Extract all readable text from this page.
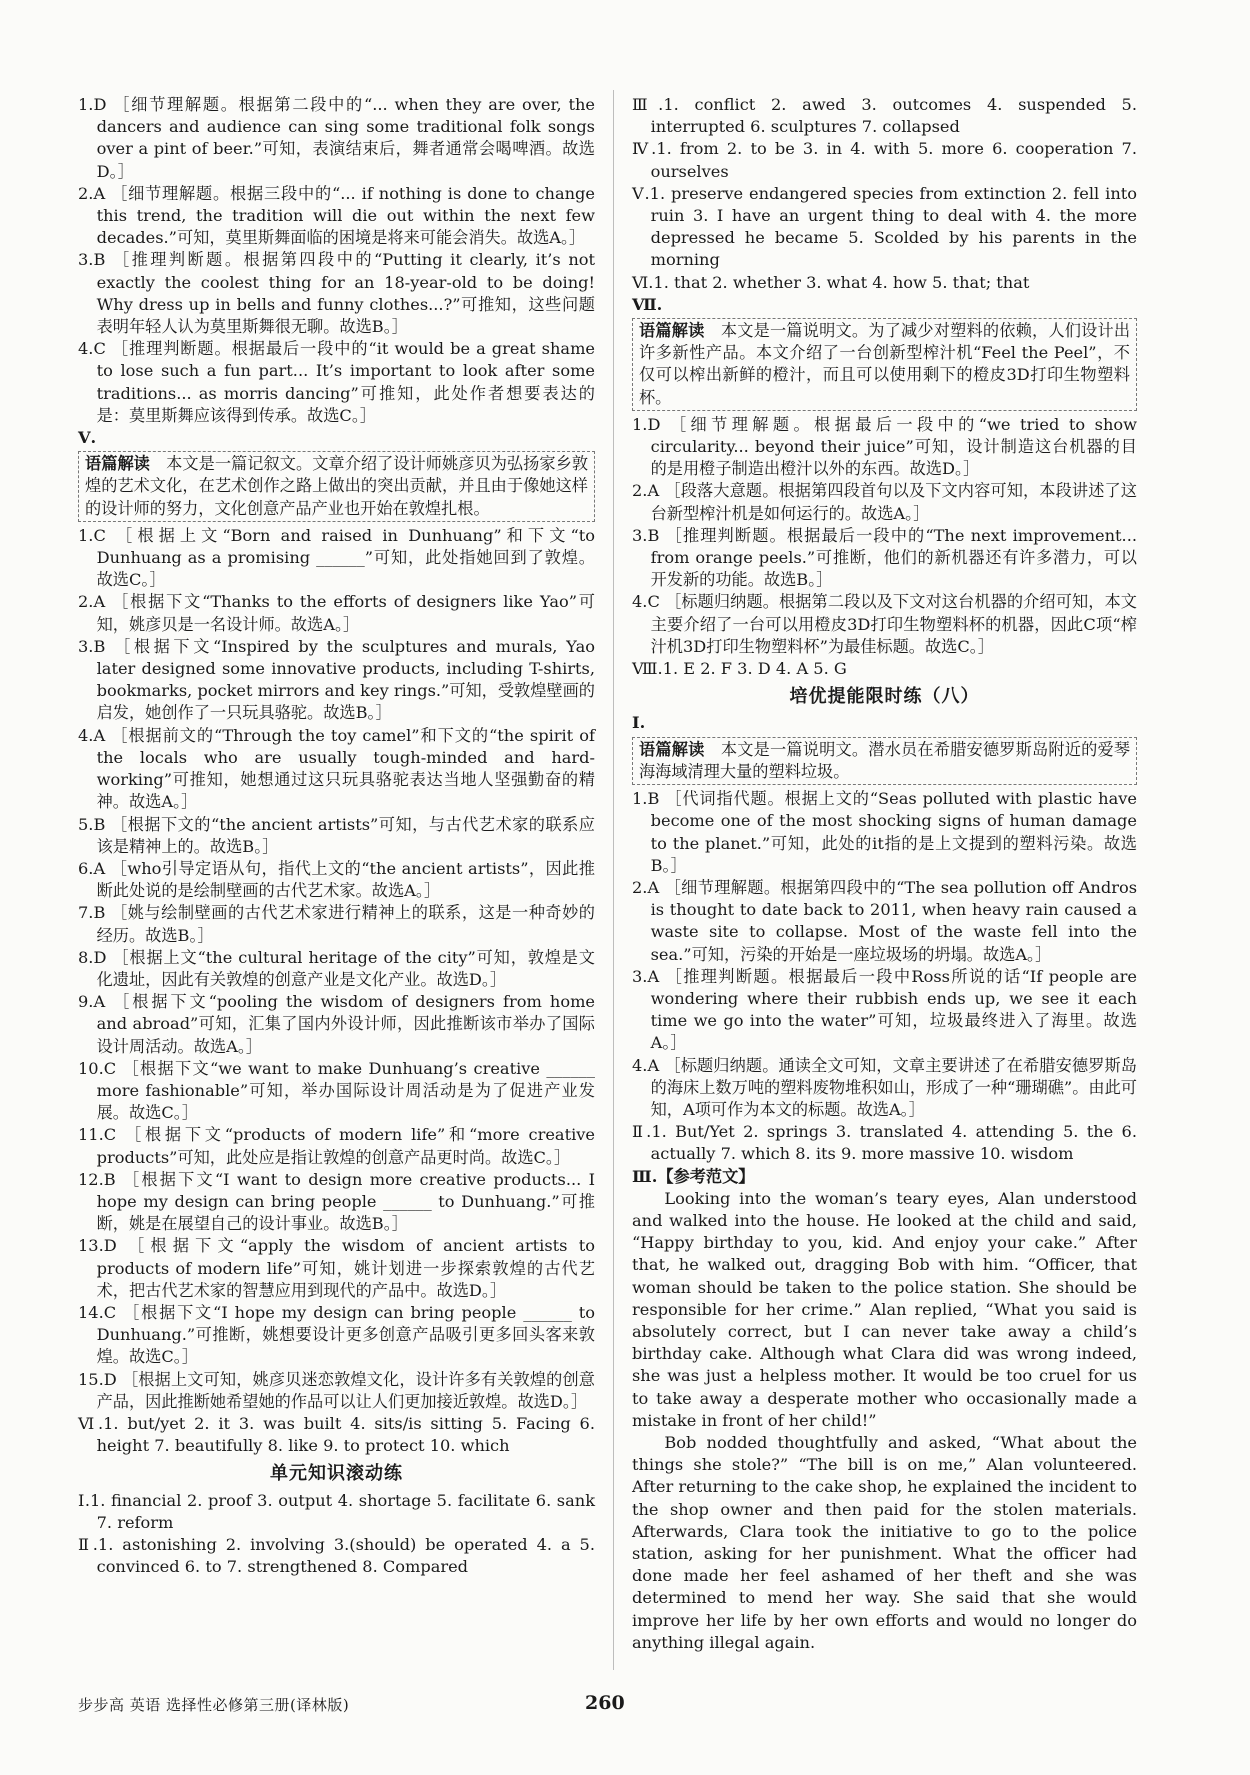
1.D ［细节理解题。根据第二段中的“... when they are over, the dancers and audience can sing some traditional folk songs over a pint of beer.”可知，表演结束后，舞者通常会喝啤酒。故选D。］

2.A ［细节理解题。根据三段中的“... if nothing is done to change this trend, the tradition will die out within the next few decades.”可知，莫里斯舞面临的困境是将来可能会消失。故选A。］

3.B ［推理判断题。根据第四段中的“Putting it clearly, it’s not exactly the coolest thing for an 18-year-old to be doing! Why dress up in bells and funny clothes...?”可推知，这些问题表明年轻人认为莫里斯舞很无聊。故选B。］

4.C ［推理判断题。根据最后一段中的“it would be a great shame to lose such a fun part... It’s important to look after some traditions... as morris dancing”可推知，此处作者想要表达的是：莫里斯舞应该得到传承。故选C。］

Ⅴ.

语篇解读　本文是一篇记叙文。文章介绍了设计师姚彦贝为弘扬家乡敦煌的艺术文化，在艺术创作之路上做出的突出贡献，并且由于像她这样的设计师的努力，文化创意产品产业也开始在敦煌扎根。

1.C ［根据上文“Born and raised in Dunhuang”和下文“to Dunhuang as a promising ______”可知，此处指她回到了敦煌。故选C。］

2.A ［根据下文“Thanks to the efforts of designers like Yao”可知，姚彦贝是一名设计师。故选A。］

3.B ［根据下文“Inspired by the sculptures and murals, Yao later designed some innovative products, including T-shirts, bookmarks, pocket mirrors and key rings.”可知，受敦煌壁画的启发，她创作了一只玩具骆驼。故选B。］

4.A ［根据前文的“Through the toy camel”和下文的“the spirit of the locals who are usually tough-minded and hard-working”可推知，她想通过这只玩具骆驼表达当地人坚强勤奋的精神。故选A。］

5.B ［根据下文的“the ancient artists”可知，与古代艺术家的联系应该是精神上的。故选B。］

6.A ［who引导定语从句，指代上文的“the ancient artists”，因此推断此处说的是绘制壁画的古代艺术家。故选A。］

7.B ［姚与绘制壁画的古代艺术家进行精神上的联系，这是一种奇妙的经历。故选B。］

8.D ［根据上文“the cultural heritage of the city”可知，敦煌是文化遗址，因此有关敦煌的创意产业是文化产业。故选D。］

9.A ［根据下文“pooling the wisdom of designers from home and abroad”可知，汇集了国内外设计师，因此推断该市举办了国际设计周活动。故选A。］

10.C ［根据下文“we want to make Dunhuang’s creative ______ more fashionable”可知，举办国际设计周活动是为了促进产业发展。故选C。］

11.C ［根据下文“products of modern life”和“more creative products”可知，此处应是指让敦煌的创意产品更时尚。故选C。］

12.B ［根据下文“I want to design more creative products... I hope my design can bring people ______ to Dunhuang.”可推断，姚是在展望自己的设计事业。故选B。］

13.D ［根据下文“apply the wisdom of ancient artists to products of modern life”可知，姚计划进一步探索敦煌的古代艺术，把古代艺术家的智慧应用到现代的产品中。故选D。］

14.C ［根据下文“I hope my design can bring people ______ to Dunhuang.”可推断，姚想要设计更多创意产品吸引更多回头客来敦煌。故选C。］

15.D ［根据上文可知，姚彦贝迷恋敦煌文化，设计许多有关敦煌的创意产品，因此推断她希望她的作品可以让人们更加接近敦煌。故选D。］

Ⅵ.1. but/yet 2. it 3. was built 4. sits/is sitting 5. Facing 6. height 7. beautifully 8. like 9. to protect 10. which

单元知识滚动练

Ⅰ.1. financial 2. proof 3. output 4. shortage 5. facilitate 6. sank 7. reform

Ⅱ.1. astonishing 2. involving 3.(should) be operated 4. a 5. convinced 6. to 7. strengthened 8. Compared

Ⅲ.1. conflict 2. awed 3. outcomes 4. suspended 5. interrupted 6. sculptures 7. collapsed

Ⅳ.1. from 2. to be 3. in 4. with 5. more 6. cooperation 7. ourselves

Ⅴ.1. preserve endangered species from extinction 2. fell into ruin 3. I have an urgent thing to deal with 4. the more depressed he became 5. Scolded by his parents in the morning

Ⅵ.1. that 2. whether 3. what 4. how 5. that; that

Ⅶ.

语篇解读　本文是一篇说明文。为了减少对塑料的依赖，人们设计出许多新性产品。本文介绍了一台创新型榨汁机“Feel the Peel”，不仅可以榨出新鲜的橙汁，而且可以使用剩下的橙皮3D打印生物塑料杯。

1.D ［细节理解题。根据最后一段中的“we tried to show circularity... beyond their juice”可知，设计制造这台机器的目的是用橙子制造出橙汁以外的东西。故选D。］

2.A ［段落大意题。根据第四段首句以及下文内容可知，本段讲述了这台新型榨汁机是如何运行的。故选A。］

3.B ［推理判断题。根据最后一段中的“The next improvement... from orange peels.”可推断，他们的新机器还有许多潜力，可以开发新的功能。故选B。］

4.C ［标题归纳题。根据第二段以及下文对这台机器的介绍可知，本文主要介绍了一台可以用橙皮3D打印生物塑料杯的机器，因此C项“榨汁机3D打印生物塑料杯”为最佳标题。故选C。］

Ⅷ.1. E 2. F 3. D 4. A 5. G

培优提能限时练（八）

Ⅰ.

语篇解读　本文是一篇说明文。潜水员在希腊安德罗斯岛附近的爱琴海海域清理大量的塑料垃圾。

1.B ［代词指代题。根据上文的“Seas polluted with plastic have become one of the most shocking signs of human damage to the planet.”可知，此处的it指的是上文提到的塑料污染。故选B。］

2.A ［细节理解题。根据第四段中的“The sea pollution off Andros is thought to date back to 2011, when heavy rain caused a waste site to collapse. Most of the waste fell into the sea.”可知，污染的开始是一座垃圾场的坍塌。故选A。］

3.A ［推理判断题。根据最后一段中Ross所说的话“If people are wondering where their rubbish ends up, we see it each time we go into the water”可知，垃圾最终进入了海里。故选A。］

4.A ［标题归纳题。通读全文可知，文章主要讲述了在希腊安德罗斯岛的海床上数万吨的塑料废物堆积如山，形成了一种“珊瑚礁”。由此可知，A项可作为本文的标题。故选A。］

Ⅱ.1. But/Yet 2. springs 3. translated 4. attending 5. the 6. actually 7. which 8. its 9. more massive 10. wisdom

Ⅲ.【参考范文】

Looking into the woman’s teary eyes, Alan understood and walked into the house. He looked at the child and said, “Happy birthday to you, kid. And enjoy your cake.” After that, he walked out, dragging Bob with him. “Officer, that woman should be taken to the police station. She should be responsible for her crime.” Alan replied, “What you said is absolutely correct, but I can never take away a child’s birthday cake. Although what Clara did was wrong indeed, she was just a helpless mother. It would be too cruel for us to take away a desperate mother who occasionally made a mistake in front of her child!”

Bob nodded thoughtfully and asked, “What about the things she stole?” “The bill is on me,” Alan volunteered. After returning to the cake shop, he explained the incident to the shop owner and then paid for the stolen materials. Afterwards, Clara took the initiative to go to the police station, asking for her punishment. What the officer had done made her feel ashamed of her theft and she was determined to mend her way. She said that she would improve her life by her own efforts and would no longer do anything illegal again.

步步高 英语 选择性必修第三册(译林版)	260
